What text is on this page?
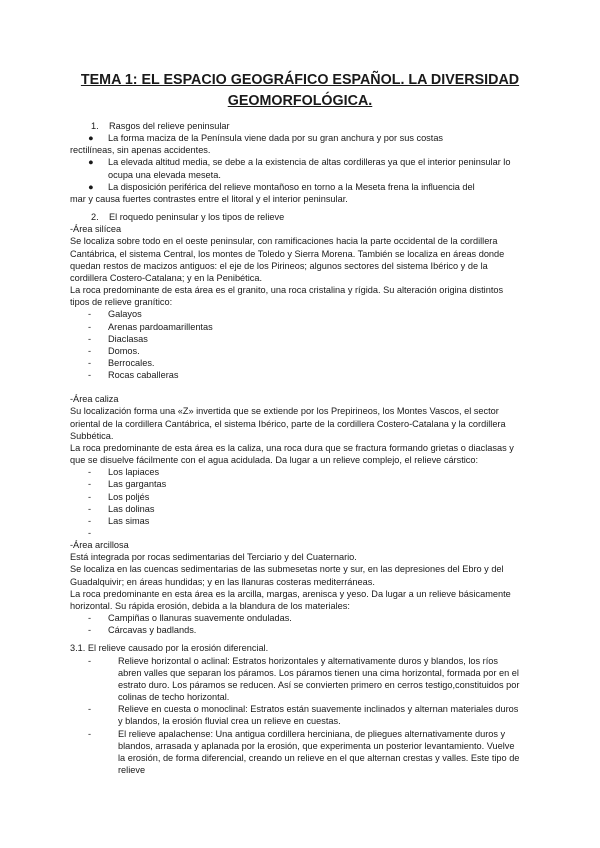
TEMA 1: EL ESPACIO GEOGRÁFICO ESPAÑOL. LA DIVERSIDAD GEOMORFOLÓGICA.
1. Rasgos del relieve peninsular
●	La forma maciza de la Península viene dada por su gran anchura y por sus costas

rectilíneas, sin apenas accidentes.

●	La elevada altitud media, se debe a la existencia de altas cordilleras ya que el interior peninsular lo ocupa una elevada meseta.
●	La disposición periférica del relieve montañoso en torno a la Meseta frena la influencia del

mar y causa fuertes contrastes entre el litoral y el interior peninsular.

2. El roquedo peninsular y los tipos de relieve

-Área silícea

Se localiza sobre todo en el oeste peninsular, con ramificaciones hacia la parte occidental de la cordillera Cantábrica, el sistema Central, los montes de Toledo y Sierra Morena. También se localiza en áreas donde quedan restos de macizos antiguos: el eje de los Pirineos; algunos sectores del sistema Ibérico y de la cordillera Costero-Catalana; y en la Penibética.

La roca predominante de esta área es el granito, una roca cristalina y rígida. Su alteración origina distintos tipos de relieve granítico:

-	Galayos
-	Arenas pardoamarillentas
-	Diaclasas
-	Domos.
-	Berrocales.
-	Rocas caballeras

-Área caliza

Su localización forma una «Z» invertida que se extiende por los Prepirineos, los Montes Vascos, el sector oriental de la cordillera Cantábrica, el sistema Ibérico, parte de la cordillera Costero-Catalana y la cordillera Subbética.

La roca predominante de esta área es la caliza, una roca dura que se fractura formando grietas o diaclasas y que se disuelve fácilmente con el agua acidulada. Da lugar a un relieve complejo, el relieve cárstico:

-	Los lapiaces
-	Las gargantas
-	Los poljés
-	Las dolinas
-	Las simas
-

-Área arcillosa

Está integrada por rocas sedimentarias del Terciario y del Cuaternario.

Se localiza en las cuencas sedimentarias de las submesetas norte y sur, en las depresiones del Ebro y del Guadalquivir; en áreas hundidas; y en las llanuras costeras mediterráneas.

La roca predominante en esta área es la arcilla, margas, arenisca y yeso. Da lugar a un relieve básicamente horizontal. Su rápida erosión, debida a la blandura de los materiales:

-	Campiñas o llanuras suavemente onduladas.
-	Cárcavas y badlands.

3.1. El relieve causado por la erosión diferencial.

-	Relieve horizontal o aclinal: Estratos horizontales y alternativamente duros y blandos, los ríos abren valles que separan los páramos. Los páramos tienen una cima horizontal, formada por en el estrato duro. Los páramos se reducen. Así se convierten primero en cerros testigo,constituidos por colinas de techo horizontal.
-	Relieve en cuesta o monoclinal: Estratos están suavemente inclinados y alternan materiales duros y blandos, la erosión fluvial crea un relieve en cuestas.
-	El relieve apalachense: Una antigua cordillera herciniana, de pliegues alternativamente duros y blandos, arrasada y aplanada por la erosión, que experimenta un posterior levantamiento. Vuelve la erosión, de forma diferencial, creando un relieve en el que alternan crestas y valles. Este tipo de relieve
